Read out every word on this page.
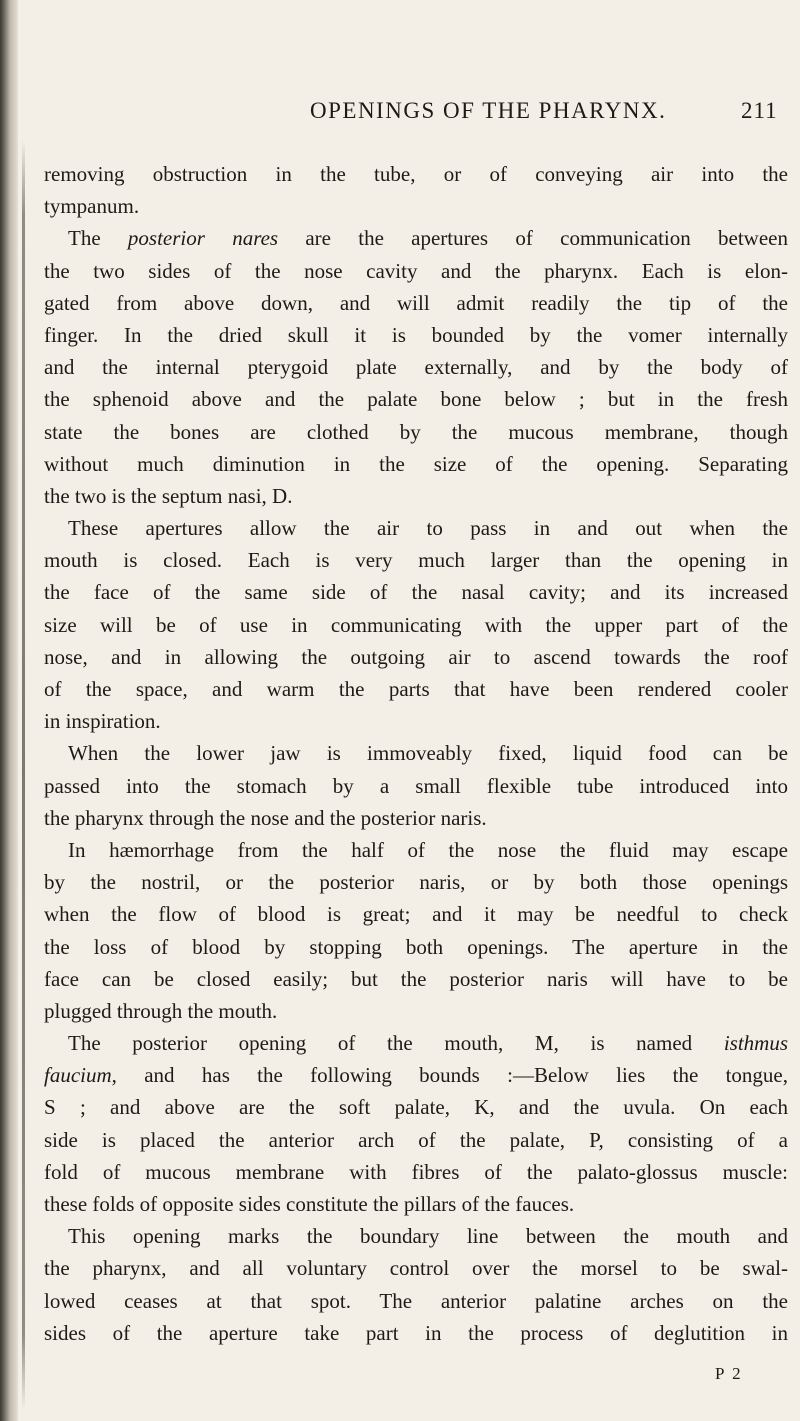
OPENINGS OF THE PHARYNX.	211
removing obstruction in the tube, or of conveying air into the
tympanum.
The posterior nares are the apertures of communication between
the two sides of the nose cavity and the pharynx. Each is elon-
gated from above down, and will admit readily the tip of the
finger. In the dried skull it is bounded by the vomer internally
and the internal pterygoid plate externally, and by the body of
the sphenoid above and the palate bone below ; but in the fresh
state the bones are clothed by the mucous membrane, though
without much diminution in the size of the opening. Separating
the two is the septum nasi, D.
These apertures allow the air to pass in and out when the
mouth is closed. Each is very much larger than the opening in
the face of the same side of the nasal cavity; and its increased
size will be of use in communicating with the upper part of the
nose, and in allowing the outgoing air to ascend towards the roof
of the space, and warm the parts that have been rendered cooler
in inspiration.
When the lower jaw is immoveably fixed, liquid food can be
passed into the stomach by a small flexible tube introduced into
the pharynx through the nose and the posterior naris.
In hæmorrhage from the half of the nose the fluid may escape
by the nostril, or the posterior naris, or by both those openings
when the flow of blood is great; and it may be needful to check
the loss of blood by stopping both openings. The aperture in the
face can be closed easily; but the posterior naris will have to be
plugged through the mouth.
The posterior opening of the mouth, M, is named isthmus
faucium, and has the following bounds :—Below lies the tongue,
S ; and above are the soft palate, K, and the uvula. On each
side is placed the anterior arch of the palate, P, consisting of a
fold of mucous membrane with fibres of the palato-glossus muscle:
these folds of opposite sides constitute the pillars of the fauces.
This opening marks the boundary line between the mouth and
the pharynx, and all voluntary control over the morsel to be swal-
lowed ceases at that spot. The anterior palatine arches on the
sides of the aperture take part in the process of deglutition in
P 2
